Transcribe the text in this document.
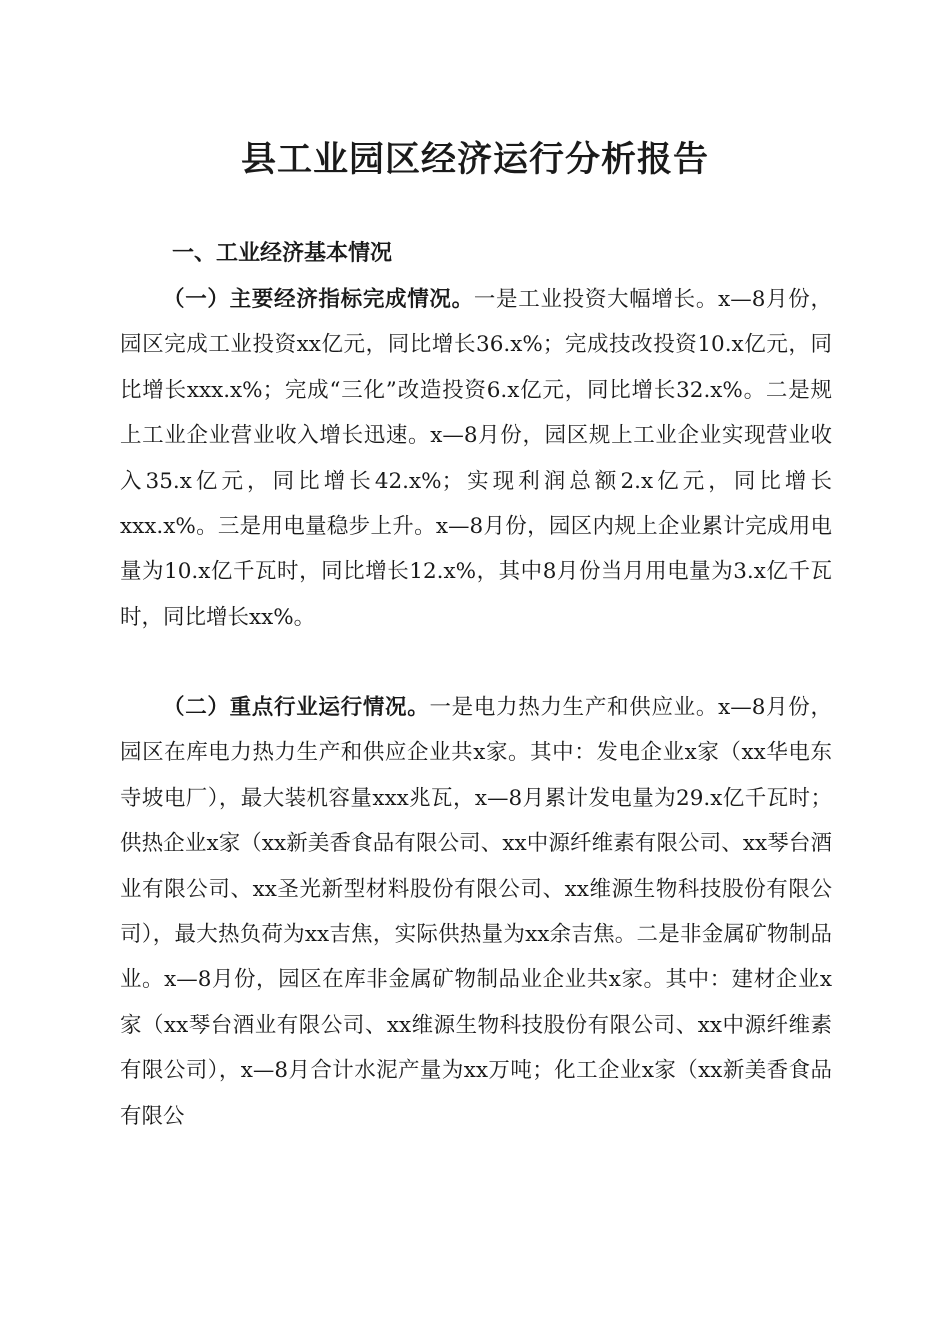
县工业园区经济运行分析报告
一、工业经济基本情况

（一）主要经济指标完成情况。一是工业投资大幅增长。x—8月份，园区完成工业投资xx亿元，同比增长36.x%；完成技改投资10.x亿元，同比增长xxx.x%；完成“三化”改造投资6.x亿元，同比增长32.x%。二是规上工业企业营业收入增长迅速。x—8月份，园区规上工业企业实现营业收入35.x亿元，同比增长42.x%；实现利润总额2.x亿元，同比增长xxx.x%。三是用电量稳步上升。x—8月份，园区内规上企业累计完成用电量为10.x亿千瓦时，同比增长12.x%，其中8月份当月用电量为3.x亿千瓦时，同比增长xx%。

（二）重点行业运行情况。一是电力热力生产和供应业。x—8月份，园区在库电力热力生产和供应企业共x家。其中：发电企业x家（xx华电东寺坡电厂），最大装机容量xxx兆瓦，x—8月累计发电量为29.x亿千瓦时；供热企业x家（xx新美香食品有限公司、xx中源纤维素有限公司、xx琴台酒业有限公司、xx圣光新型材料股份有限公司、xx维源生物科技股份有限公司），最大热负荷为xx吉焦，实际供热量为xx余吉焦。二是非金属矿物制品业。x—8月份，园区在库非金属矿物制品业企业共x家。其中：建材企业x家（xx琴台酒业有限公司、xx维源生物科技股份有限公司、xx中源纤维素有限公司），x—8月合计水泥产量为xx万吨；化工企业x家（xx新美香食品有限公
